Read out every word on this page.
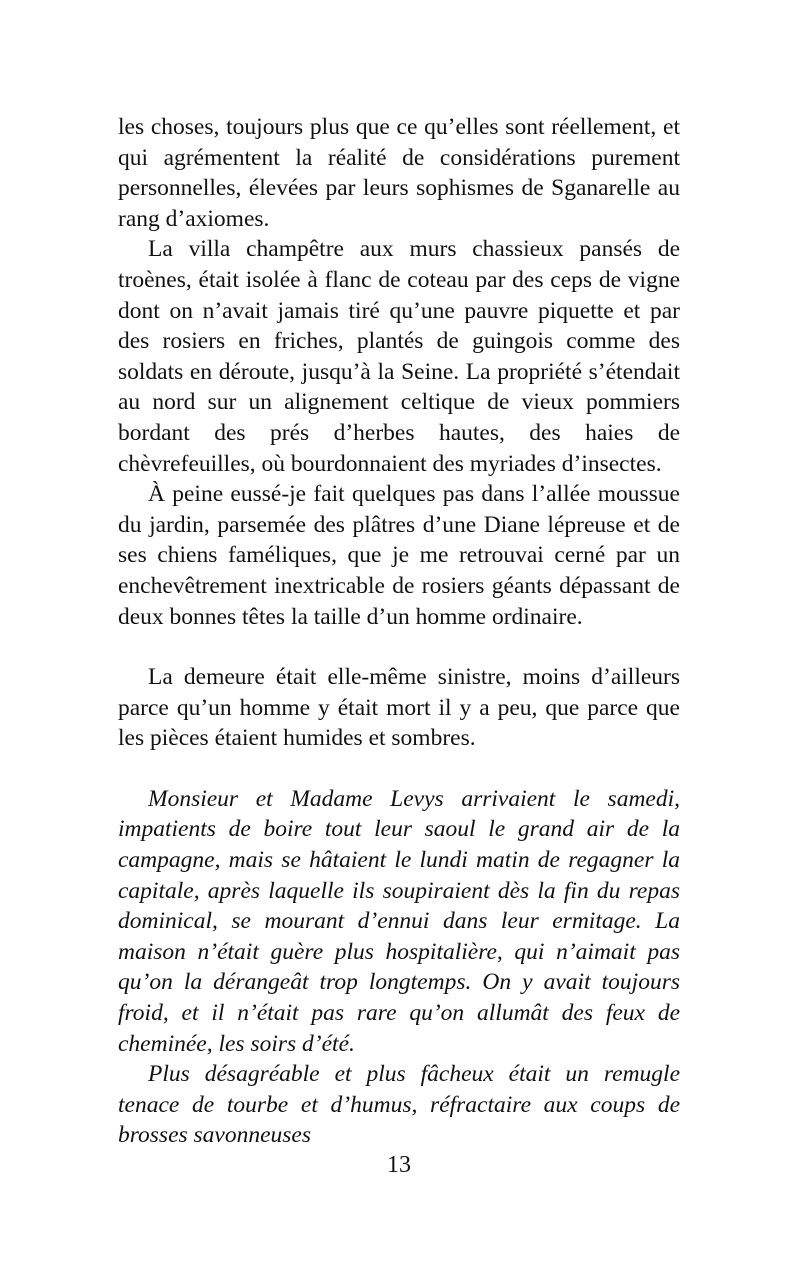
les choses, toujours plus que ce qu’elles sont réellement, et qui agrémentent la réalité de considérations purement personnelles, élevées par leurs sophismes de Sganarelle au rang d’axiomes.

La villa champêtre aux murs chassieux pansés de troènes, était isolée à flanc de coteau par des ceps de vigne dont on n’avait jamais tiré qu’une pauvre piquette et par des rosiers en friches, plantés de guingois comme des soldats en déroute, jusqu’à la Seine. La propriété s’étendait au nord sur un alignement celtique de vieux pommiers bordant des prés d’herbes hautes, des haies de chèvrefeuilles, où bourdonnaient des myriades d’insectes.

À peine eussé-je fait quelques pas dans l’allée moussue du jardin, parsemée des plâtres d’une Diane lépreuse et de ses chiens faméliques, que je me retrouvai cerné par un enchevêtrement inextricable de rosiers géants dépassant de deux bonnes têtes la taille d’un homme ordinaire.

La demeure était elle-même sinistre, moins d’ailleurs parce qu’un homme y était mort il y a peu, que parce que les pièces étaient humides et sombres.

Monsieur et Madame Levys arrivaient le samedi, impatients de boire tout leur saoul le grand air de la campagne, mais se hâtaient le lundi matin de regagner la capitale, après laquelle ils soupiraient dès la fin du repas dominical, se mourant d’ennui dans leur ermitage. La maison n’était guère plus hospitalière, qui n’aimait pas qu’on la dérangeât trop longtemps. On y avait toujours froid, et il n’était pas rare qu’on allumât des feux de cheminée, les soirs d’été.

Plus désagréable et plus fâcheux était un remugle tenace de tourbe et d’humus, réfractaire aux coups de brosses savonneuses

13
